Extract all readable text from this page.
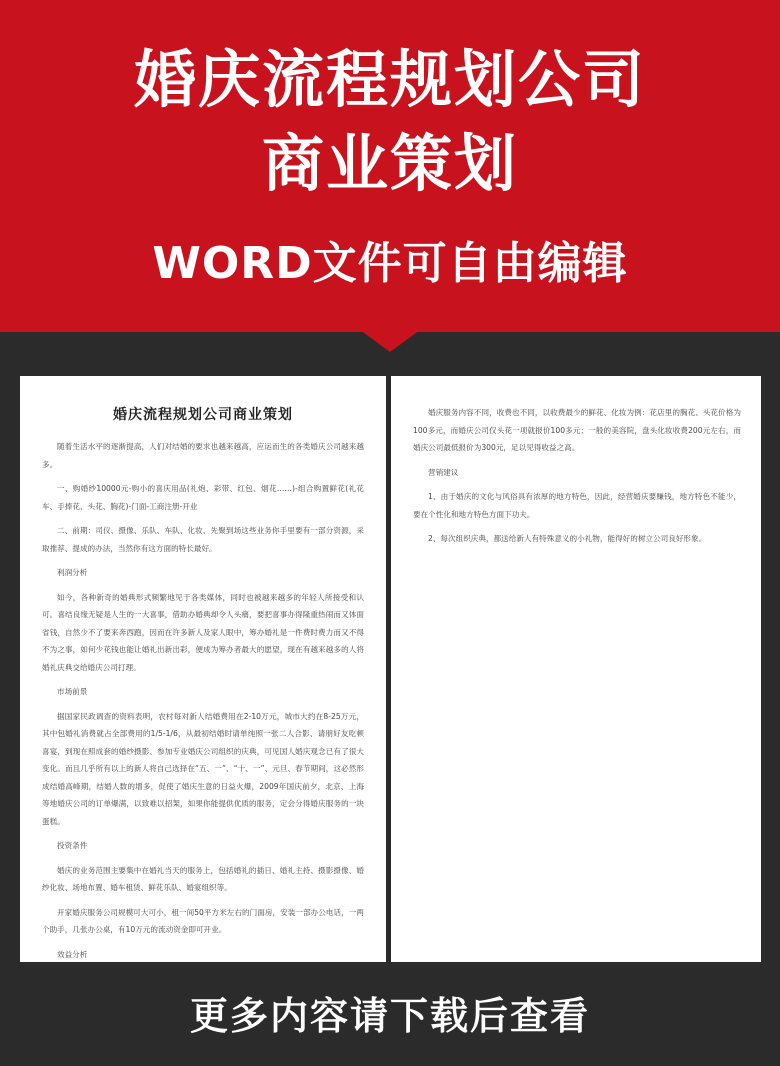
婚庆流程规划公司
商业策划
WORD文件可自由编辑
婚庆流程规划公司商业策划
随着生活水平的逐渐提高，人们对结婚的要求也越来越高，应运而生的各类婚庆公司越来越多。
一、购婚纱10000元-购小的喜庆用品(礼炮、彩带、红包、烟花……)-组合购置鲜花(礼花车、手捧花、头花、胸花)-门面-工商注册-开业
二、前期：司仪、摄像、乐队、车队、化妆、先聚到场这些业务你手里要有一部分资源，采取推荐、提成的办法，当然你有这方面的特长最好。
利润分析
如今，各种新奇的婚典形式频繁地见于各类媒体，同时也被越来越多的年轻人所接受和认可。喜结良缘无疑是人生的一大喜事，借助办婚典却令人头痛，要把喜事办得隆重热闹而又体面省钱，自然少不了要来奔西跑，因而在许多新人及家人眼中，筹办婚礼是一件费时费力而又不得不为之事，如何少花钱也能让婚礼出新出彩，便成为筹办者最大的愿望，现在有越来越多的人将婚礼庆典交给婚庆公司打理。
市场前景
据国家民政调查的资料表明，农村每对新人结婚费用在2-10万元，城市大约在8-25万元，其中包婚礼消费就占全部费用的1/5-1/6，从最初结婚时请单纯照一张二人合影、请朋好友吃顿喜宴，到现在照成套的婚纱摄影、参加专业婚庆公司组织的庆典，可见国人婚庆观念已有了很大变化。而且几乎所有以上的新人将自己选择在“五、一”、“十、一”、元旦、春节期间，这必然形成结婚高峰期，结婚人数的增多，促使了婚庆生意的日益火爆，2009年国庆前夕，北京、上海等地婚庆公司的订单爆满，以致难以招架，如果你能提供优质的服务，定会分得婚庆服务的一块蛋糕。
投资条件
婚庆的业务范围主要集中在婚礼当天的服务上，包括婚礼的插日、婚礼主持、摄影摄像、婚纱化妆、场地布置、婚车租赁、鲜花乐队、婚宴组织等。
开家婚庆服务公司规模可大可小，租一间50平方米左右的门面房，安装一部办公电话，一两个助手，几张办公桌，有10万元的流动资金即可开业。
效益分析
婚庆服务内容不同，收费也不同，以收费最少的鲜花、化妆为例：花店里的胸花、头花价格为100多元，而婚庆公司仅头花一项就报价100多元；一般的美容院，盘头化妆收费200元左右，而婚庆公司最低报价为300元，足以见得收益之高。
营销建议
1、由于婚庆的文化与风俗具有浓厚的地方特色，因此，经营婚庆要赚钱，地方特色不能少，要在个性化和地方特色方面下功夫。
2、每次组织庆典，都送给新人有特殊意义的小礼物，能得好的树立公司良好形象。
更多内容请下载后查看
